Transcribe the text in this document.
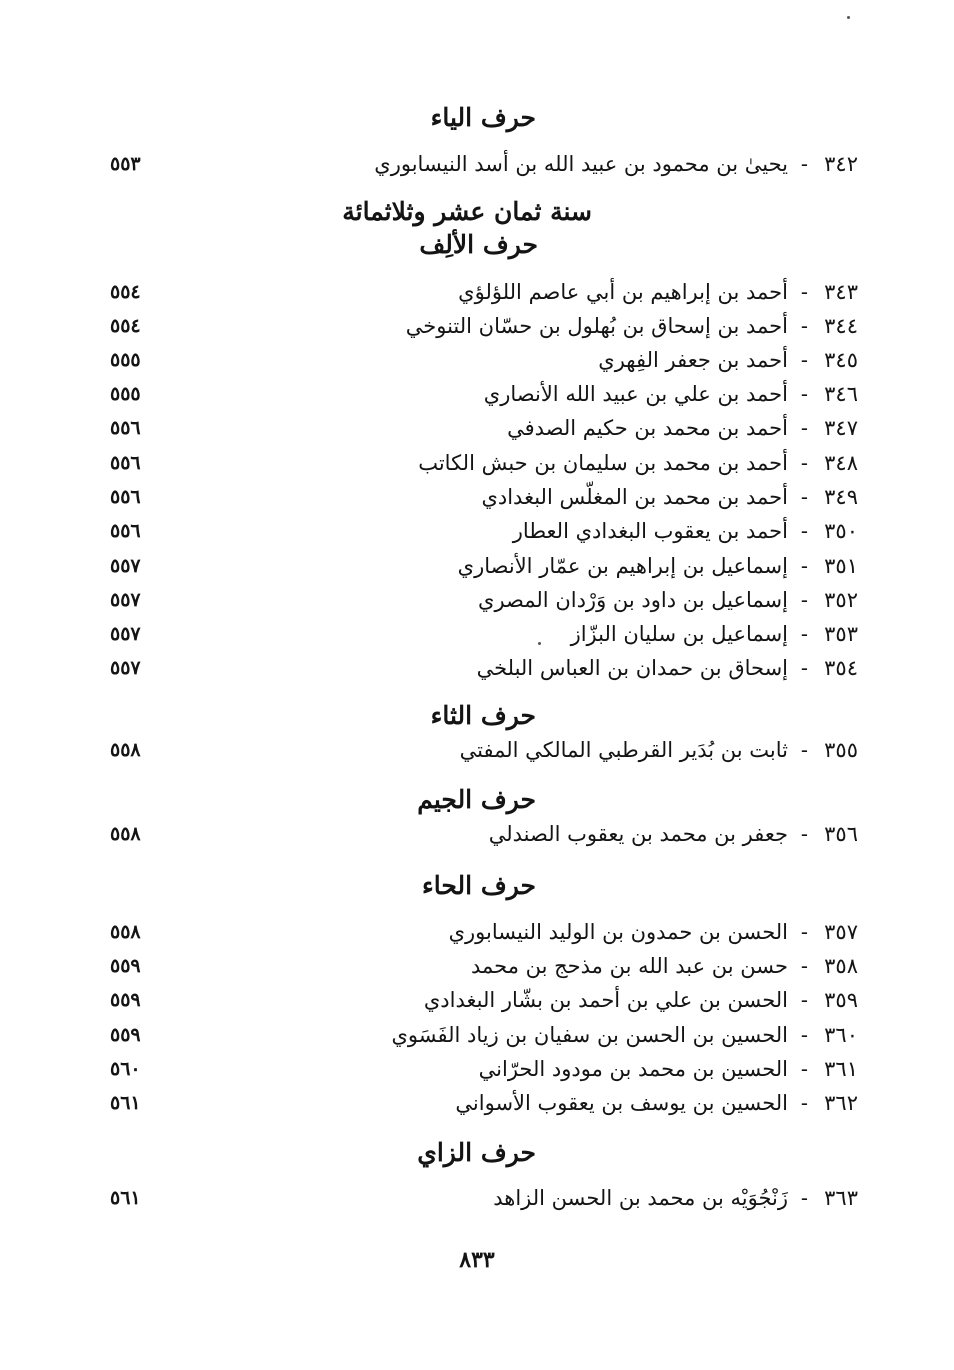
٨٣٣
حرف الياء
٣٤٢
-
يحيىٰ بن محمود بن عبيد الله بن أسد النيسابوري
٥٥٣
سنة ثمان عشر وثلاثمائة
حرف الألِف
٣٤٣
-
أحمد بن إبراهيم بن أبي عاصم اللؤلؤي
٥٥٤
٣٤٤
-
أحمد بن إسحاق بن بُهلول بن حسّان التنوخي
٥٥٤
٣٤٥
-
أحمد بن جعفر الفِهري
٥٥٥
٣٤٦
-
أحمد بن علي بن عبيد الله الأنصاري
٥٥٥
٣٤٧
-
أحمد بن محمد بن حكيم الصدفي
٥٥٦
٣٤٨
-
أحمد بن محمد بن سليمان بن حبش الكاتب
٥٥٦
٣٤٩
-
أحمد بن محمد بن المغلّس البغدادي
٥٥٦
٣٥٠
-
أحمد بن يعقوب البغدادي العطار
٥٥٦
٣٥١
-
إسماعيل بن إبراهيم بن عمّار الأنصاري
٥٥٧
٣٥٢
-
إسماعيل بن داود بن وَرْدان المصري
٥٥٧
٣٥٣
-
إسماعيل بن سليان البزّاز
٥٥٧
٣٥٤
-
إسحاق بن حمدان بن العباس البلخي
٥٥٧
حرف الثاء
٣٥٥
-
ثابت بن بُدَير القرطبي المالكي المفتي
٥٥٨
حرف الجيم
٣٥٦
-
جعفر بن محمد بن يعقوب الصندلي
٥٥٨
حرف الحاء
٣٥٧
-
الحسن بن حمدون بن الوليد النيسابوري
٥٥٨
٣٥٨
-
حسن بن عبد الله بن مذحج بن محمد
٥٥٩
٣٥٩
-
الحسن بن علي بن أحمد بن بشّار البغدادي
٥٥٩
٣٦٠
-
الحسين بن الحسن بن سفيان بن زياد الفَسَوي
٥٥٩
٣٦١
-
الحسين بن محمد بن مودود الحرّاني
٥٦٠
٣٦٢
-
الحسين بن يوسف بن يعقوب الأسواني
٥٦١
حرف الزاي
٣٦٣
-
زَنْجُوَيْه بن محمد بن الحسن الزاهد
٥٦١
